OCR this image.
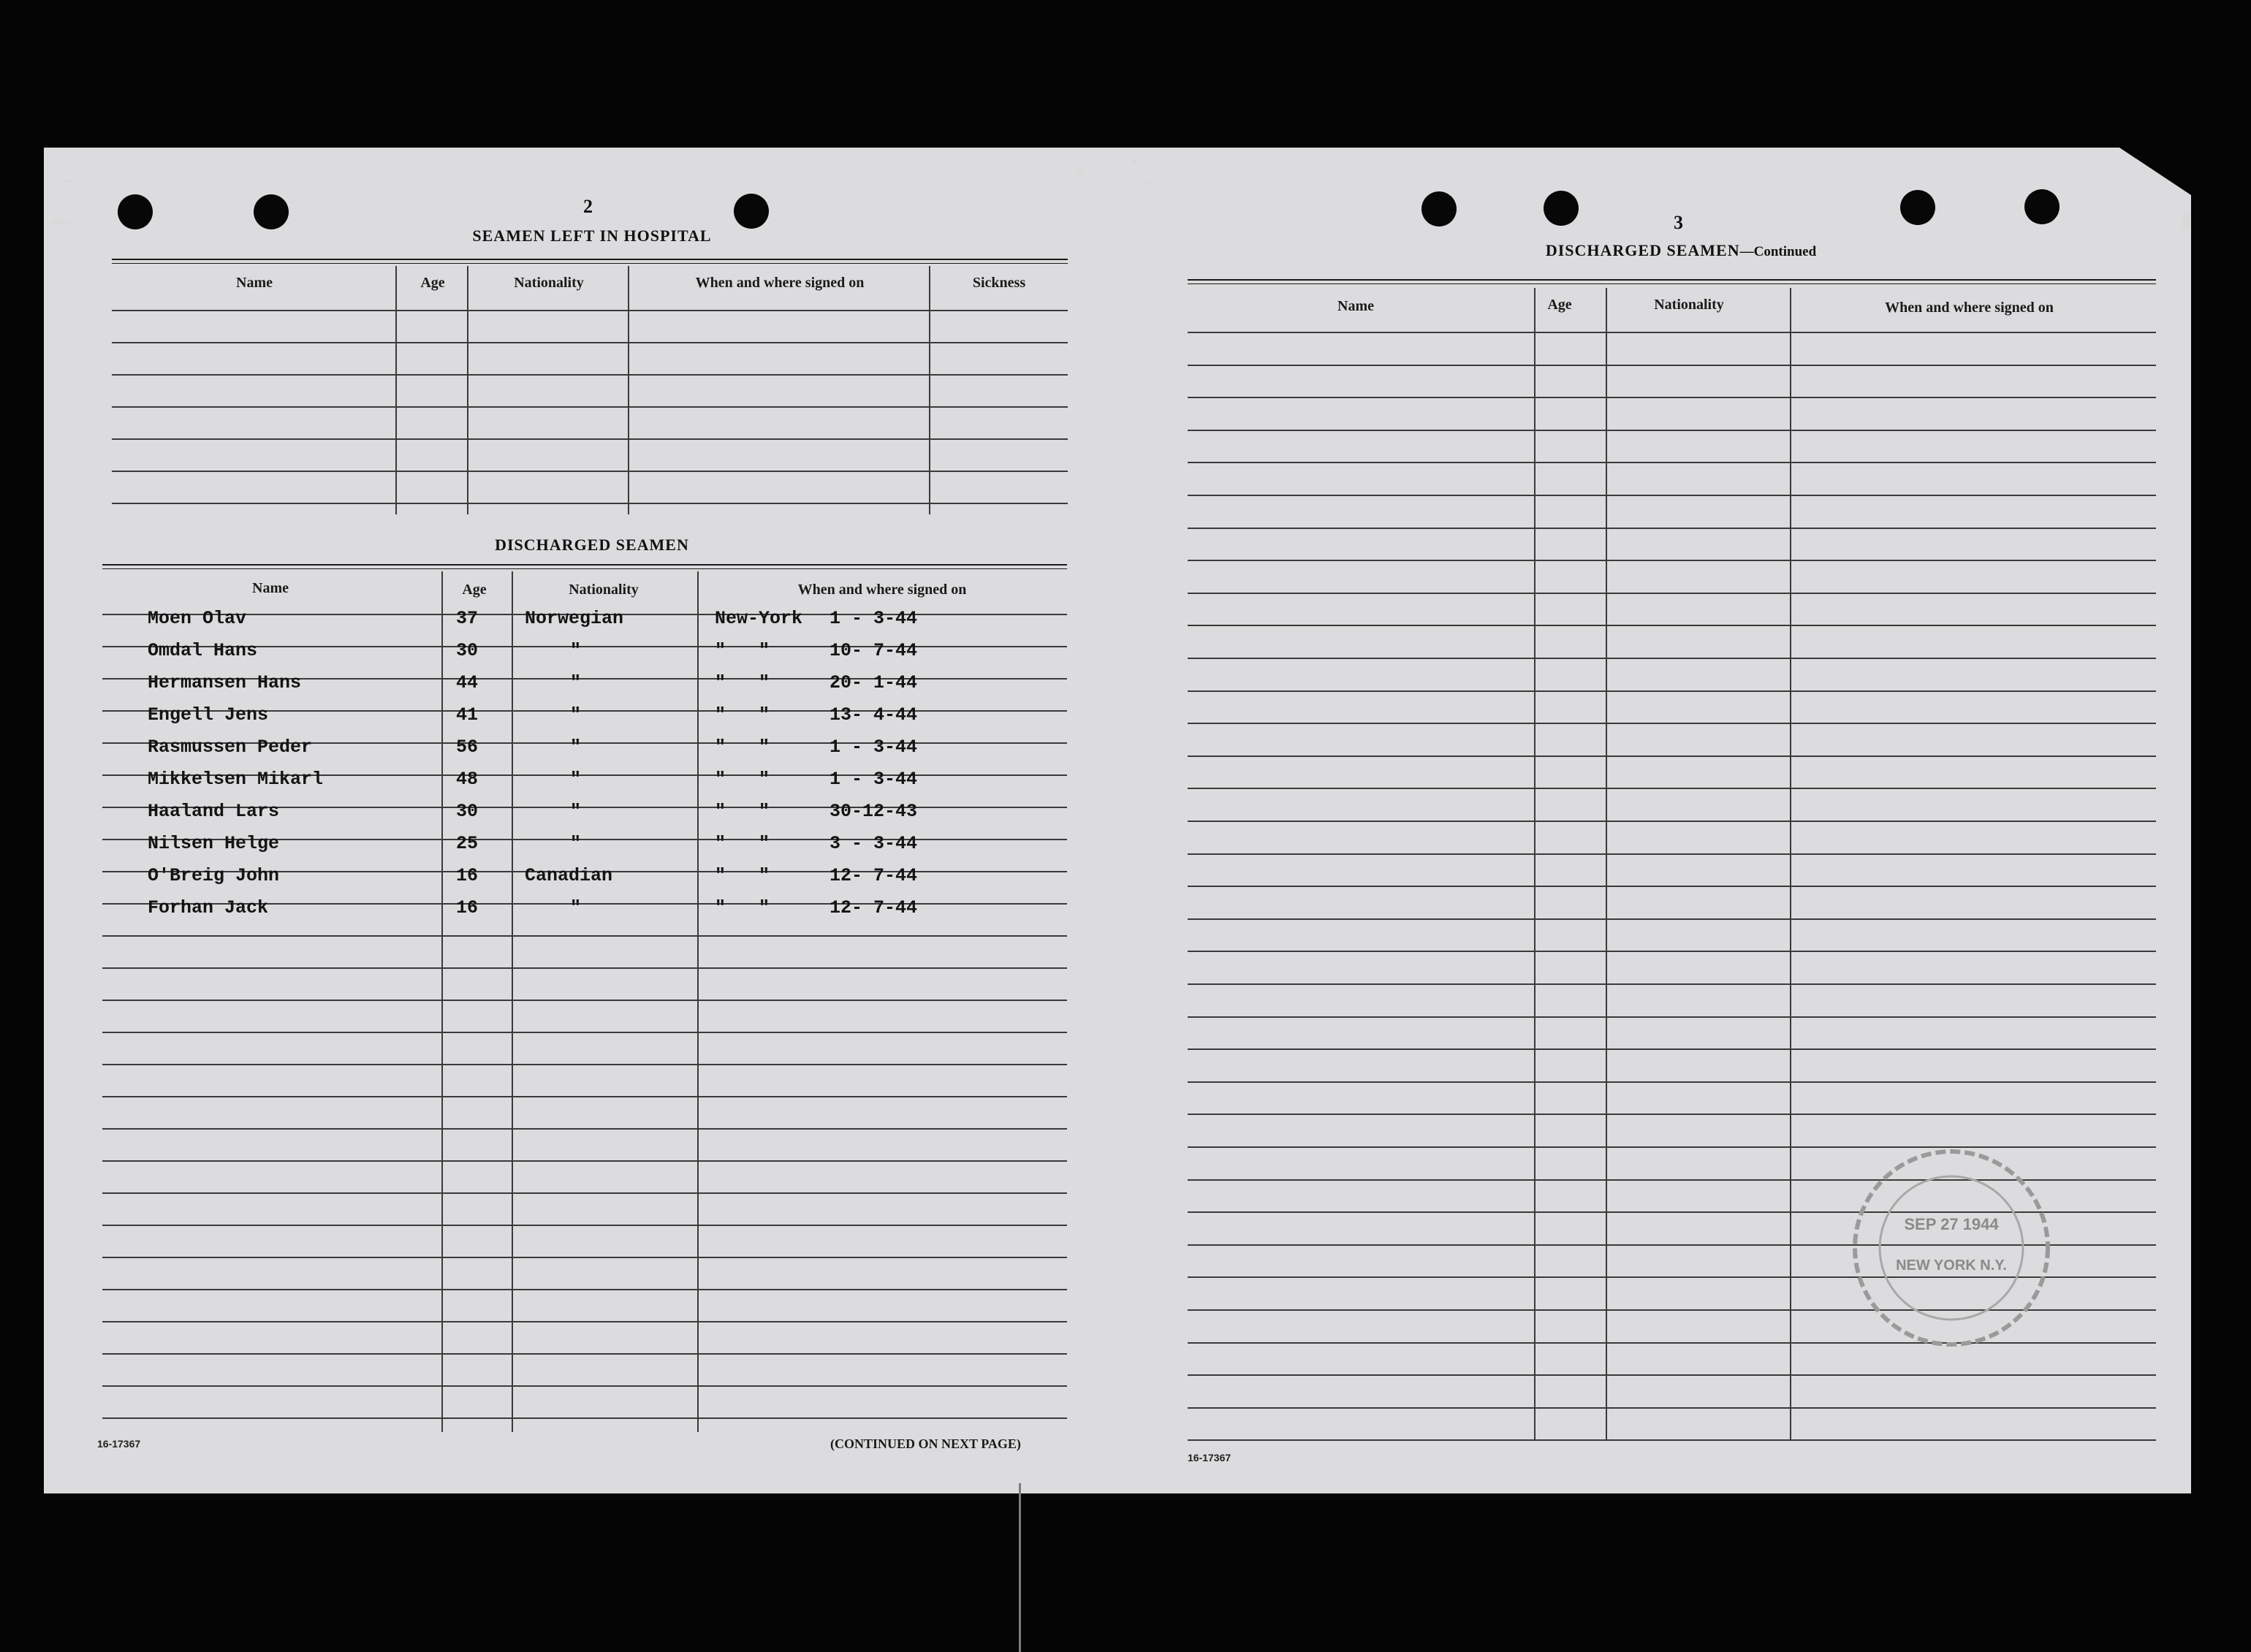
2
SEAMEN LEFT IN HOSPITAL
Name	Age	Nationality	When and where signed on	Sickness
DISCHARGED SEAMEN
Name	Age	Nationality	When and where signed on
Moen Olav	37	Norwegian	New-York 1 - 3-44
Omdal Hans	30	"	"   "	10- 7-44
Hermansen Hans	44	"	"   "	20- 1-44
Engell Jens	41	"	"   "	13- 4-44
Rasmussen Peder	56	"	"   "	1 - 3-44
Mikkelsen Mikarl	48	"	"   "	1 - 3-44
Haaland Lars	30	"	"   "	30-12-43
Nilsen Helge	25	"	"   "	3 - 3-44
O'Breig John	16	Canadian	"   "	12- 7-44
Forhan Jack	16	"	"   "	12- 7-44
16-17367	(CONTINUED ON NEXT PAGE)
3
DISCHARGED SEAMEN—Continued
Name	Age	Nationality	When and where signed on
16-17367
SEP 27 1944
NEW YORK N.Y.
